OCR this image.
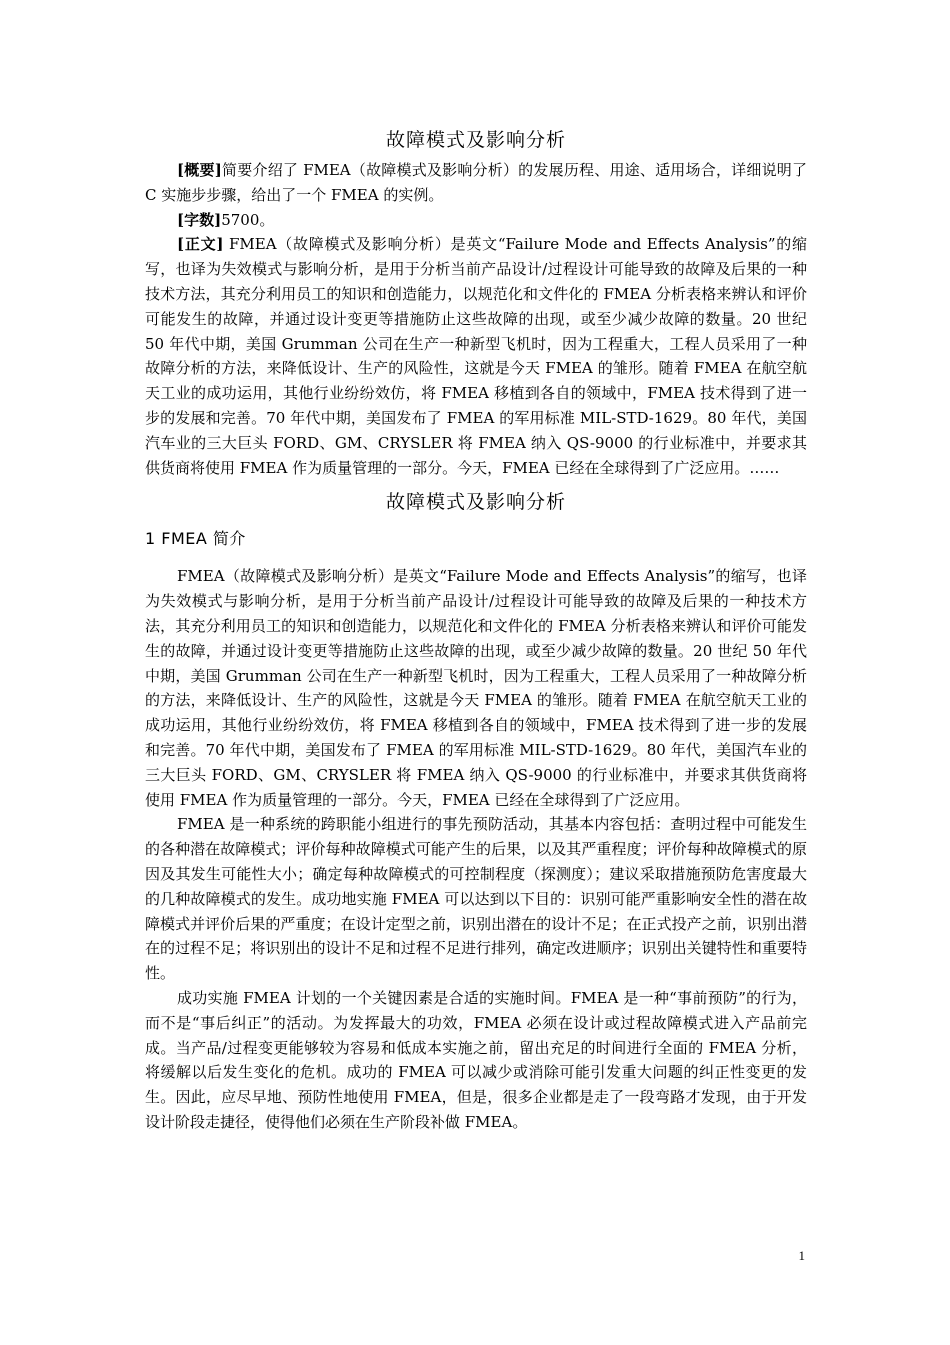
故障模式及影响分析

[概要]简要介绍了 FMEA（故障模式及影响分析）的发展历程、用途、适用场合，详细说明了 C 实施步步骤，给出了一个 FMEA 的实例。

[字数]5700。

[正文] FMEA（故障模式及影响分析）是英文“Failure Mode and Effects Analysis”的缩写，也译为失效模式与影响分析，是用于分析当前产品设计/过程设计可能导致的故障及后果的一种技术方法，其充分利用员工的知识和创造能力，以规范化和文件化的 FMEA 分析表格来辨认和评价可能发生的故障，并通过设计变更等措施防止这些故障的出现，或至少减少故障的数量。20 世纪 50 年代中期，美国 Grumman 公司在生产一种新型飞机时，因为工程重大，工程人员采用了一种故障分析的方法，来降低设计、生产的风险性，这就是今天 FMEA 的雏形。随着 FMEA 在航空航天工业的成功运用，其他行业纷纷效仿，将 FMEA 移植到各自的领域中，FMEA 技术得到了进一步的发展和完善。70 年代中期，美国发布了 FMEA 的军用标准 MIL-STD-1629。80 年代，美国汽车业的三大巨头 FORD、GM、CRYSLER 将 FMEA 纳入 QS-9000 的行业标准中，并要求其供货商将使用 FMEA 作为质量管理的一部分。今天，FMEA 已经在全球得到了广泛应用。……

故障模式及影响分析
1 FMEA 简介

FMEA（故障模式及影响分析）是英文“Failure Mode and Effects Analysis”的缩写，也译为失效模式与影响分析，是用于分析当前产品设计/过程设计可能导致的故障及后果的一种技术方法，其充分利用员工的知识和创造能力，以规范化和文件化的 FMEA 分析表格来辨认和评价可能发生的故障，并通过设计变更等措施防止这些故障的出现，或至少减少故障的数量。20 世纪 50 年代中期，美国 Grumman 公司在生产一种新型飞机时，因为工程重大，工程人员采用了一种故障分析的方法，来降低设计、生产的风险性，这就是今天 FMEA 的雏形。随着 FMEA 在航空航天工业的成功运用，其他行业纷纷效仿，将 FMEA 移植到各自的领域中，FMEA 技术得到了进一步的发展和完善。70 年代中期，美国发布了 FMEA 的军用标准 MIL-STD-1629。80 年代，美国汽车业的三大巨头 FORD、GM、CRYSLER 将 FMEA 纳入 QS-9000 的行业标准中，并要求其供货商将使用 FMEA 作为质量管理的一部分。今天，FMEA 已经在全球得到了广泛应用。

FMEA 是一种系统的跨职能小组进行的事先预防活动，其基本内容包括：查明过程中可能发生的各种潜在故障模式；评价每种故障模式可能产生的后果，以及其严重程度；评价每种故障模式的原因及其发生可能性大小；确定每种故障模式的可控制程度（探测度）；建议采取措施预防危害度最大的几种故障模式的发生。成功地实施 FMEA 可以达到以下目的：识别可能严重影响安全性的潜在故障模式并评价后果的严重度；在设计定型之前，识别出潜在的设计不足；在正式投产之前，识别出潜在的过程不足；将识别出的设计不足和过程不足进行排列，确定改进顺序；识别出关键特性和重要特性。

成功实施 FMEA 计划的一个关键因素是合适的实施时间。FMEA 是一种“事前预防”的行为，而不是“事后纠正”的活动。为发挥最大的功效，FMEA 必须在设计或过程故障模式进入产品前完成。当产品/过程变更能够较为容易和低成本实施之前，留出充足的时间进行全面的 FMEA 分析，将缓解以后发生变化的危机。成功的 FMEA 可以减少或消除可能引发重大问题的纠正性变更的发生。因此，应尽早地、预防性地使用 FMEA，但是，很多企业都是走了一段弯路才发现，由于开发设计阶段走捷径，使得他们必须在生产阶段补做 FMEA。

1
